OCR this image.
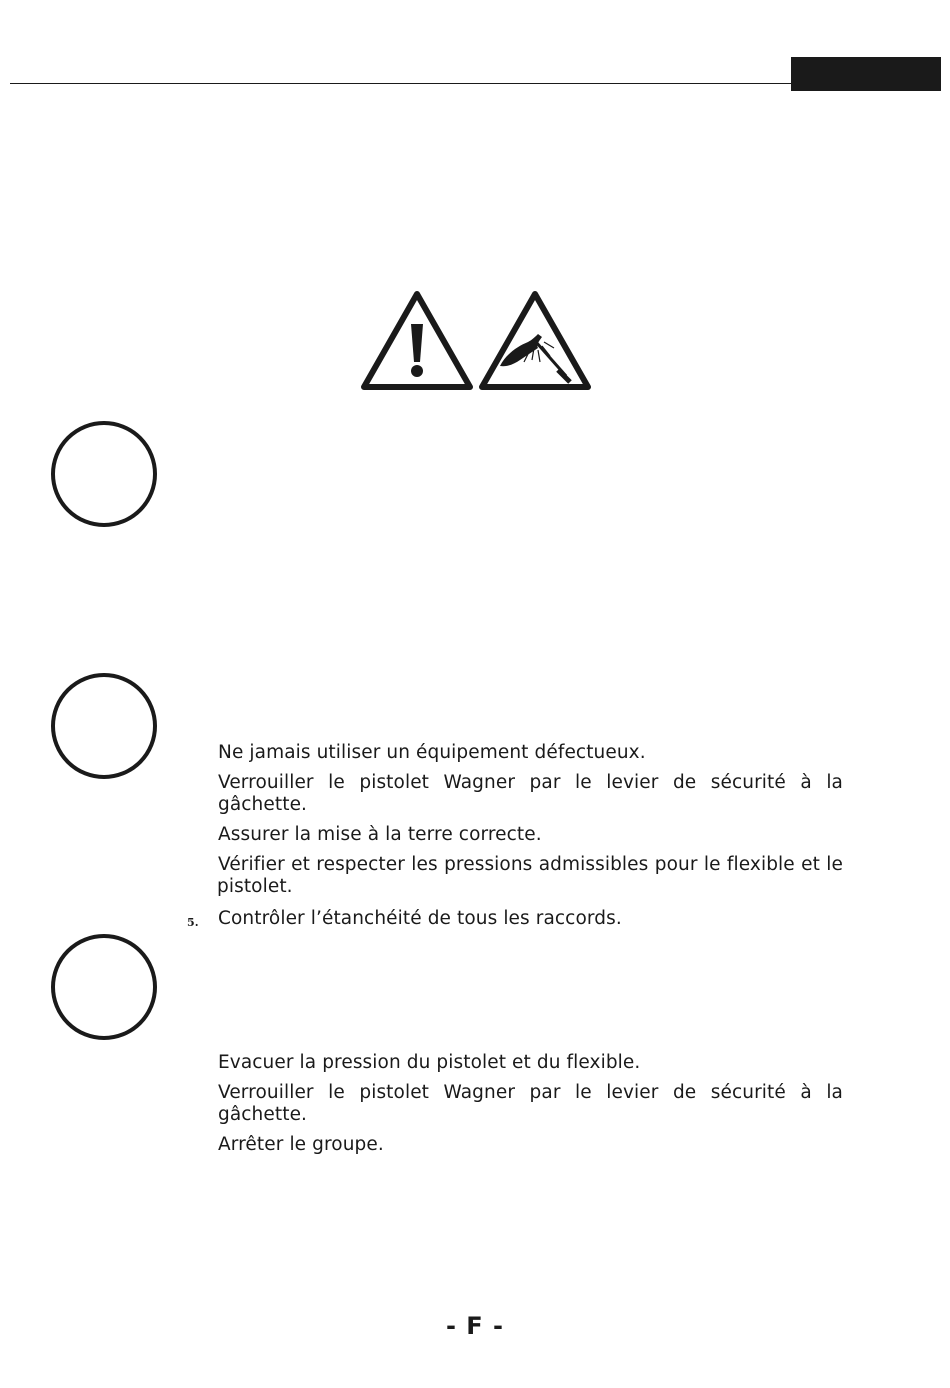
Ne jamais utiliser un équipement défectueux.
Verrouiller le pistolet Wagner par le levier de sécurité à la gâchette.
Assurer la mise à la terre correcte.
Vérifier et respecter les pressions admissibles pour le flexible et le
pistolet.
5. Contrôler l’étanchéité de tous les raccords.
Evacuer la pression du pistolet et du flexible.
Verrouiller le pistolet Wagner par le levier de sécurité à la gâchette.
Arrêter le groupe.
- F -
